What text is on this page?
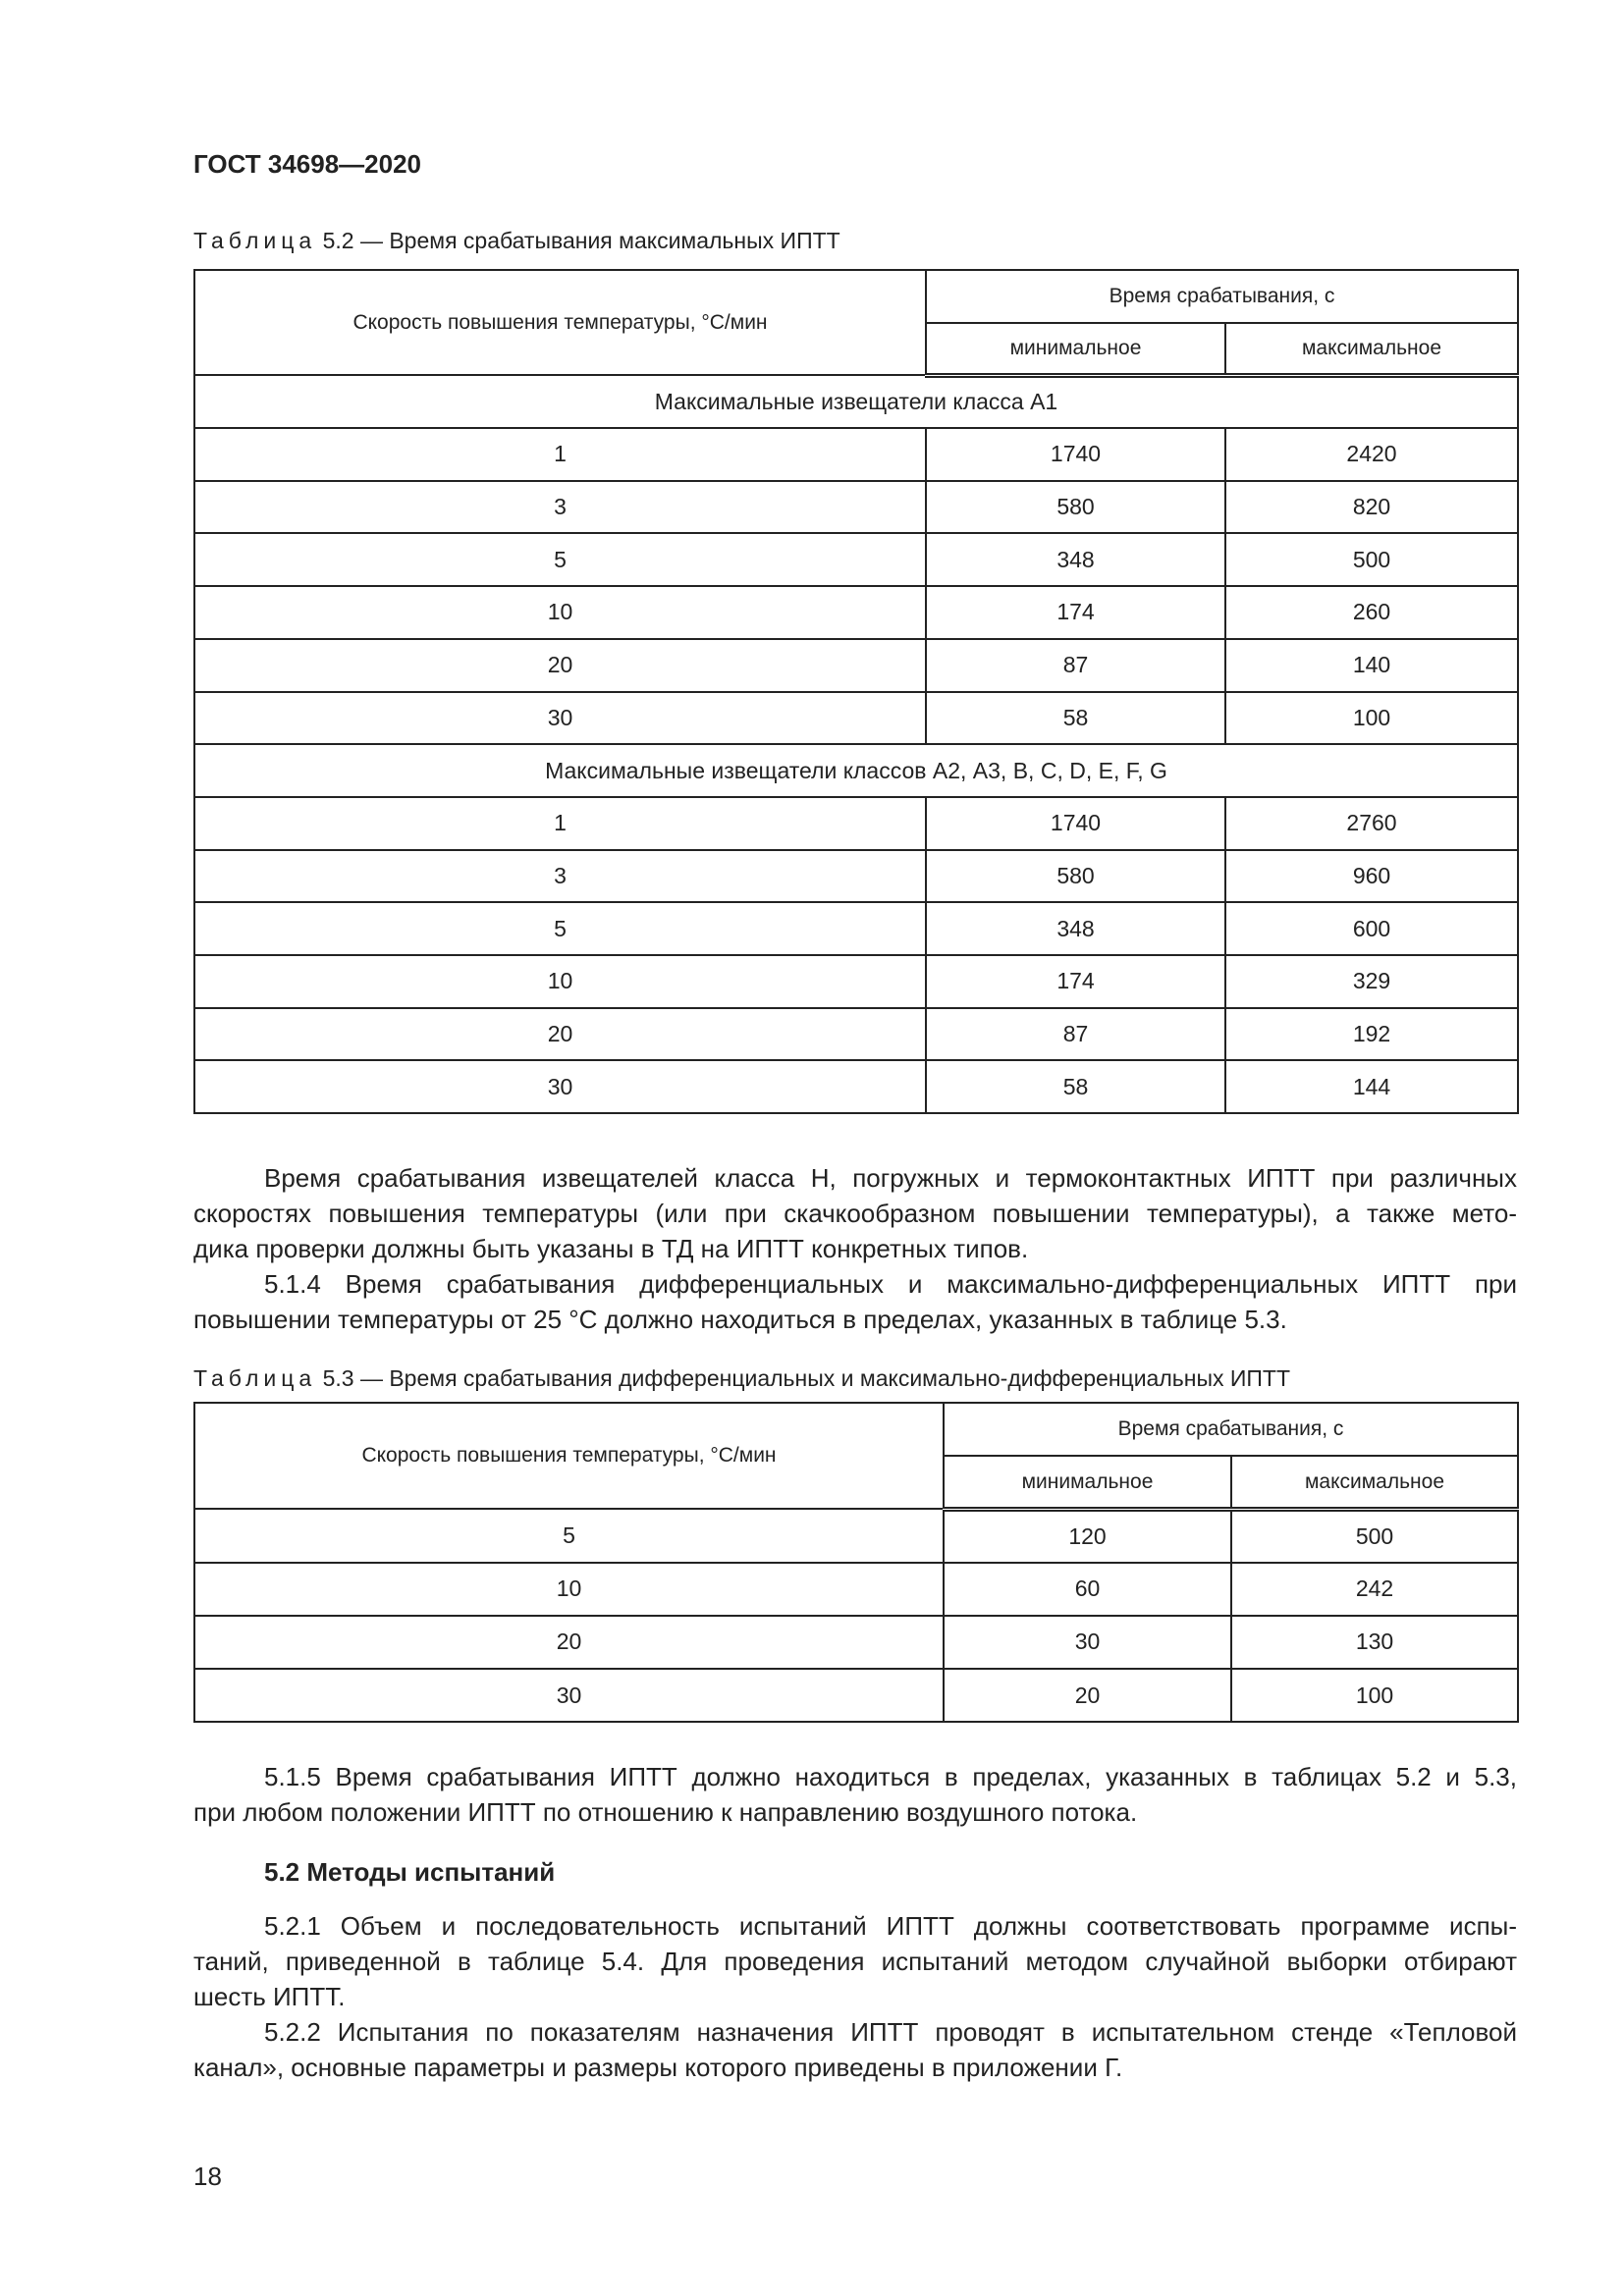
ГОСТ 34698—2020
Таблица 5.2 — Время срабатывания максимальных ИПТТ
Скорость повышения температуры, °С/мин	Время срабатывания, с	
	минимальное	максимальное
Максимальные извещатели класса А1		
1	1740	2420
3	580	820
5	348	500
10	174	260
20	87	140
30	58	100
Максимальные извещатели классов А2, А3, В, С, D, Е, F, G		
1	1740	2760
3	580	960
5	348	600
10	174	329
20	87	192
30	58	144

Время срабатывания извещателей класса Н, погружных и термоконтактных ИПТТ при различных
скоростях повышения температуры (или при скачкообразном повышении температуры), а также мето-
дика проверки должны быть указаны в ТД на ИПТТ конкретных типов.

5.1.4 Время срабатывания дифференциальных и максимально-дифференциальных ИПТТ при
повышении температуры от 25 °С должно находиться в пределах, указанных в таблице 5.3.

Таблица 5.3 — Время срабатывания дифференциальных и максимально-дифференциальных ИПТТ
Скорость повышения температуры, °С/мин	Время срабатывания, с	
	минимальное	максимальное
5	120	500
10	60	242
20	30	130
30	20	100

5.1.5 Время срабатывания ИПТТ должно находиться в пределах, указанных в таблицах 5.2 и 5.3,
при любом положении ИПТТ по отношению к направлению воздушного потока.

5.2 Методы испытаний

5.2.1 Объем и последовательность испытаний ИПТТ должны соответствовать программе испы-
таний, приведенной в таблице 5.4. Для проведения испытаний методом случайной выборки отбирают
шесть ИПТТ.

5.2.2 Испытания по показателям назначения ИПТТ проводят в испытательном стенде «Тепловой
канал», основные параметры и размеры которого приведены в приложении Г.

18
